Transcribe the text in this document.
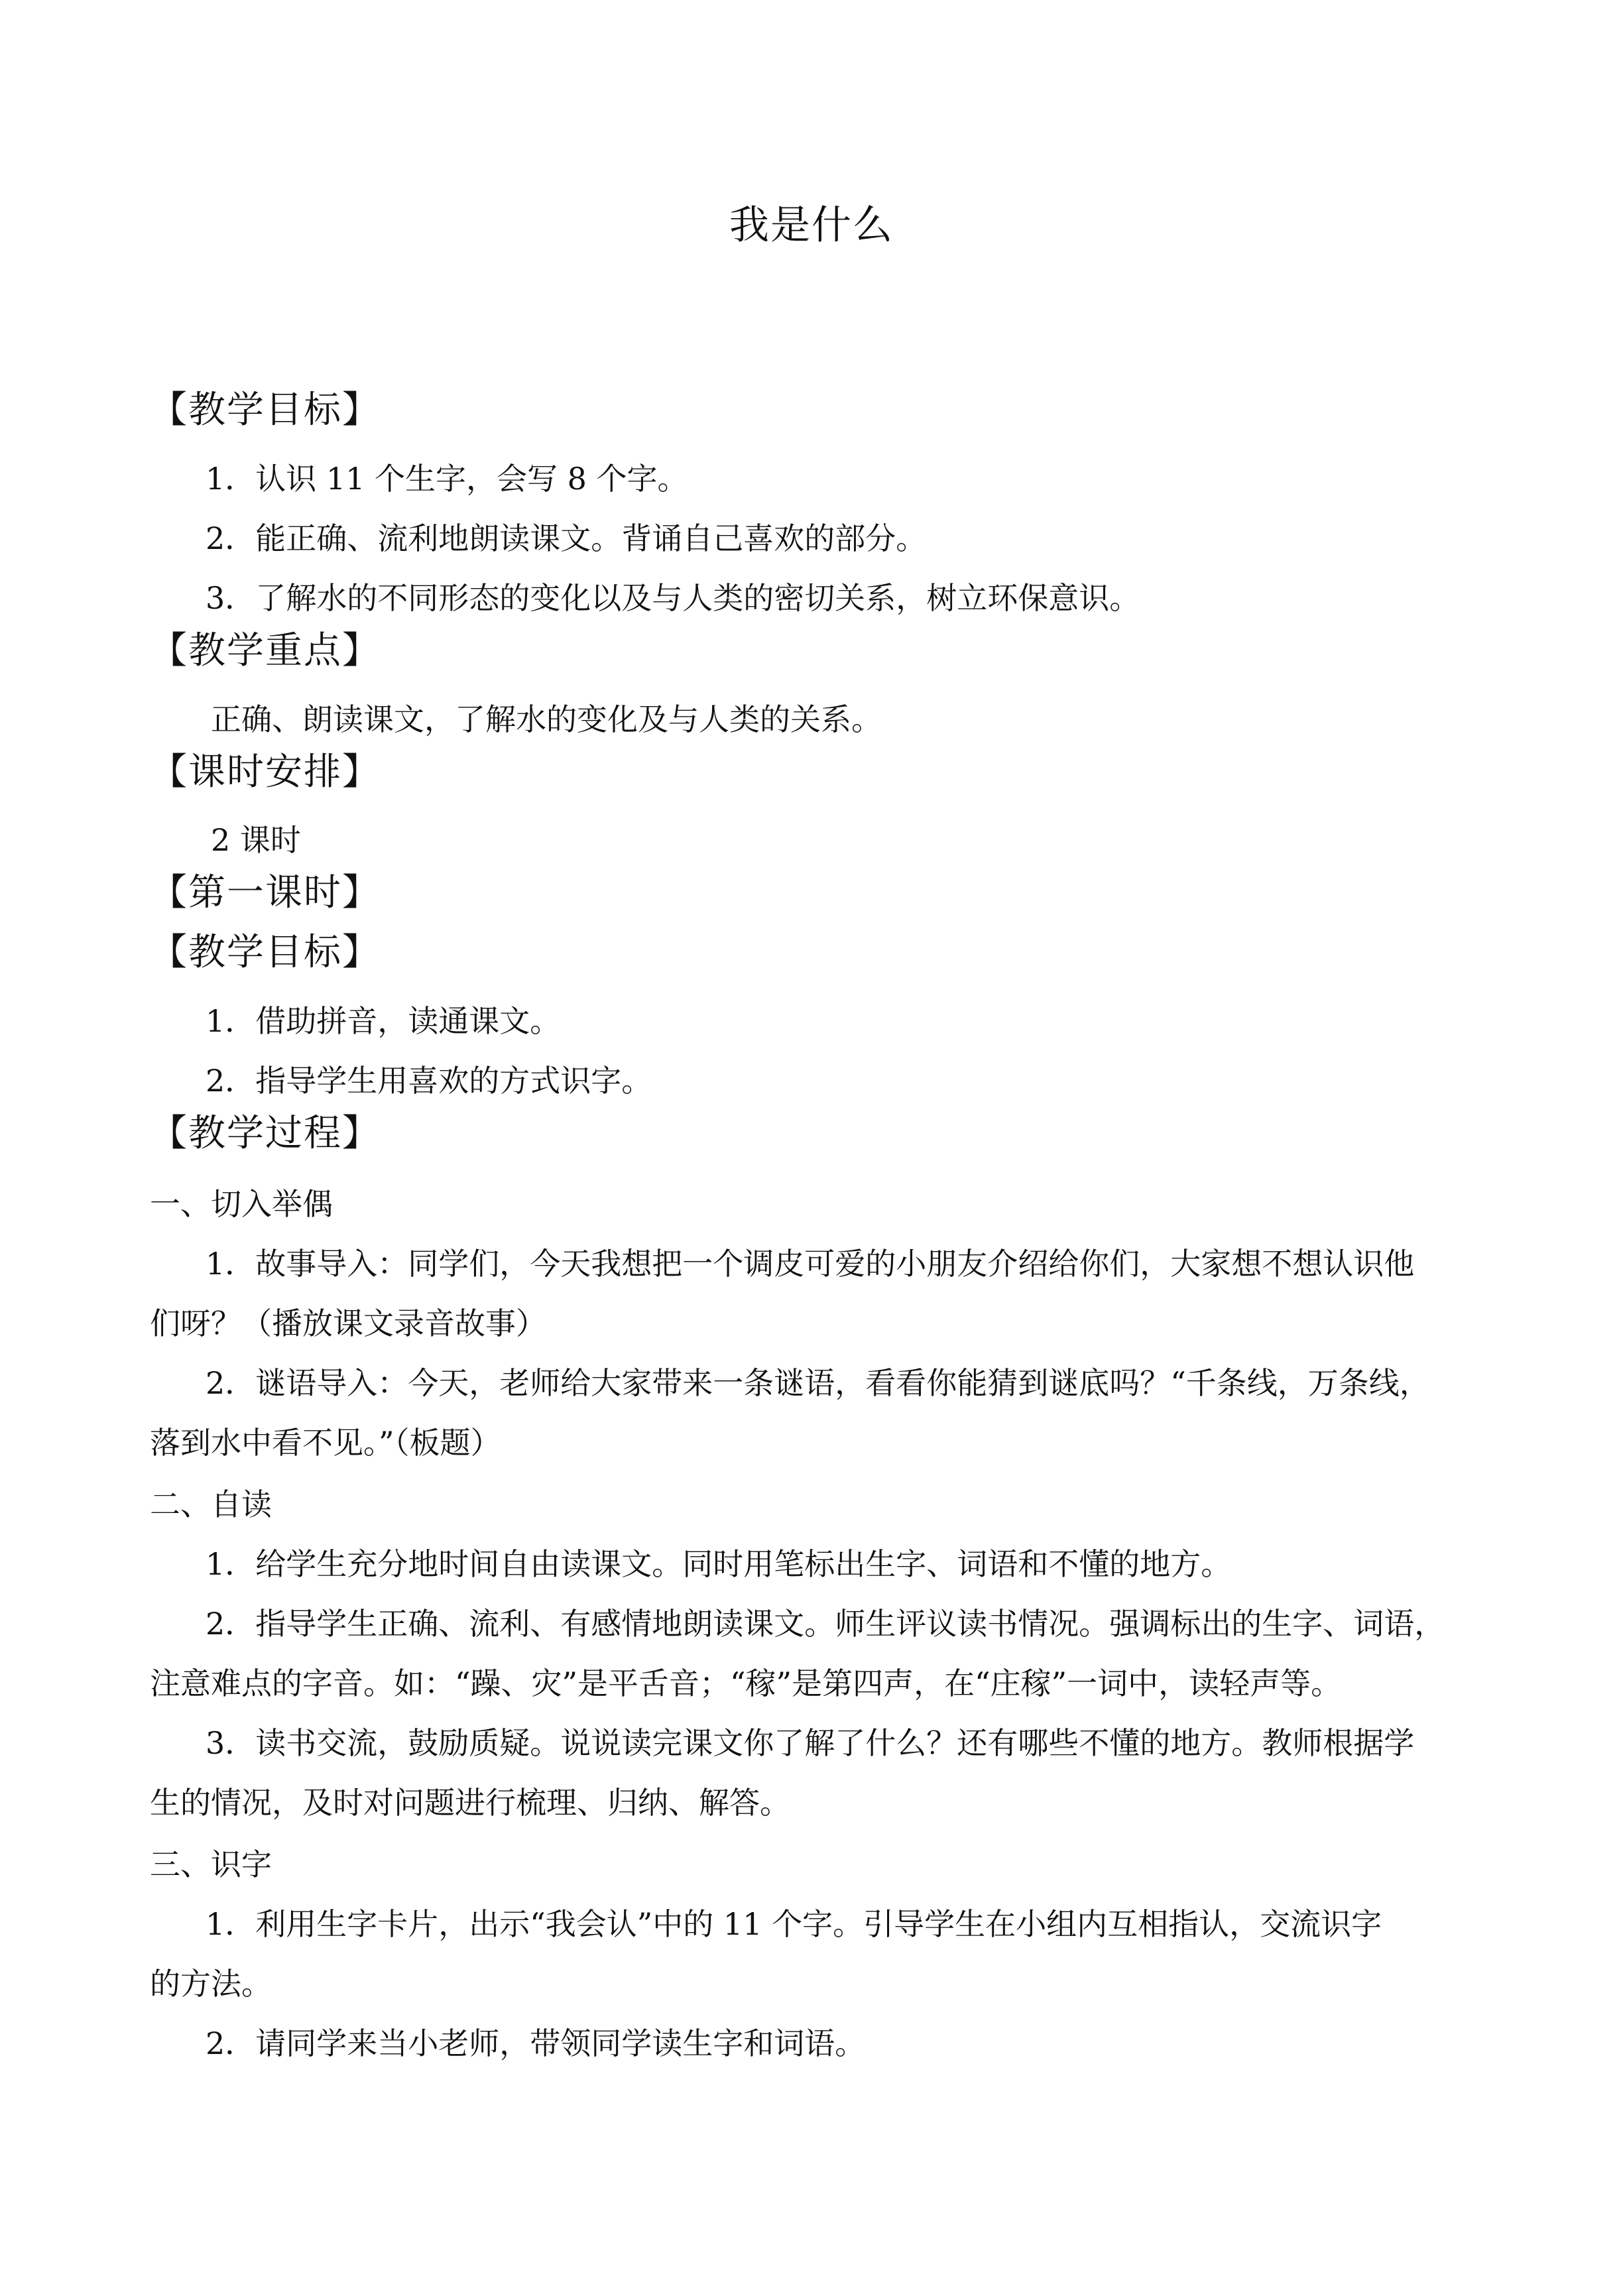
我是什么
【教学目标】
1．认识 11 个生字，会写 8 个字。
2．能正确、流利地朗读课文。背诵自己喜欢的部分。
3．了解水的不同形态的变化以及与人类的密切关系，树立环保意识。
【教学重点】
正确、朗读课文，了解水的变化及与人类的关系。
【课时安排】
2 课时
【第一课时】
【教学目标】
1．借助拼音，读通课文。
2．指导学生用喜欢的方式识字。
【教学过程】
一、切入举偶
1．故事导入：同学们，今天我想把一个调皮可爱的小朋友介绍给你们，大家想不想认识他
们呀？（播放课文录音故事）
2．谜语导入：今天，老师给大家带来一条谜语，看看你能猜到谜底吗？“千条线，万条线，
落到水中看不见。”（板题）
二、自读
1．给学生充分地时间自由读课文。同时用笔标出生字、词语和不懂的地方。
2．指导学生正确、流利、有感情地朗读课文。师生评议读书情况。强调标出的生字、词语，
注意难点的字音。如：“躁、灾”是平舌音；“稼”是第四声，在“庄稼”一词中，读轻声等。
3．读书交流，鼓励质疑。说说读完课文你了解了什么？还有哪些不懂的地方。教师根据学
生的情况，及时对问题进行梳理、归纳、解答。
三、识字
1．利用生字卡片，出示“我会认”中的 11 个字。引导学生在小组内互相指认，交流识字
的方法。
2．请同学来当小老师，带领同学读生字和词语。
